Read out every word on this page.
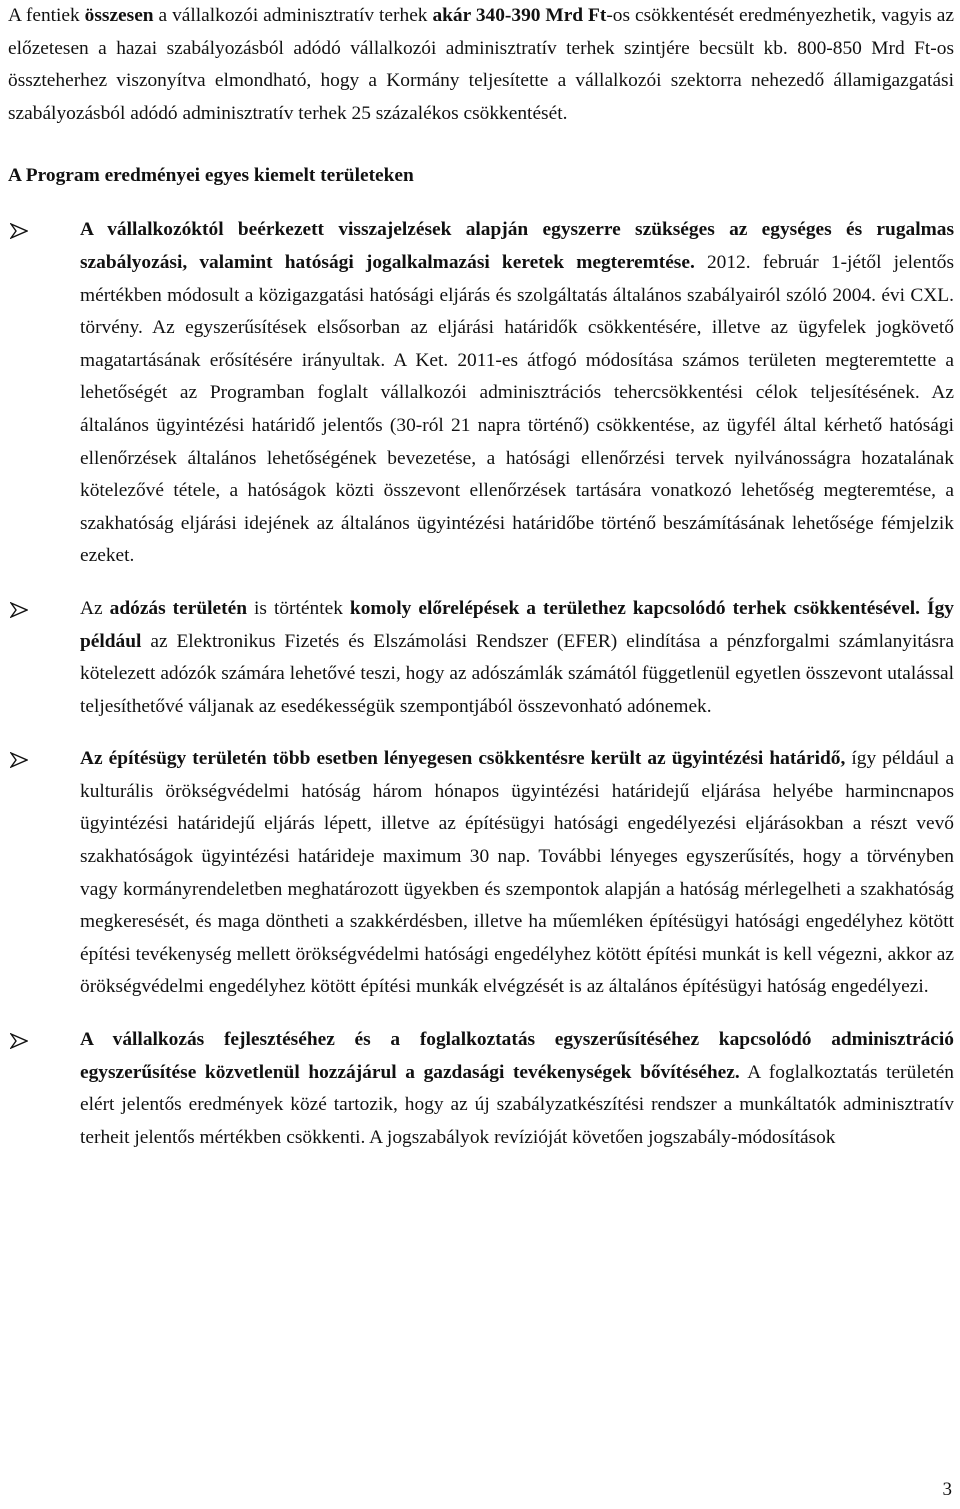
A fentiek összesen a vállalkozói adminisztratív terhek akár 340-390 Mrd Ft-os csökkentését eredményezhetik, vagyis az előzetesen a hazai szabályozásból adódó vállalkozói adminisztratív terhek szintjére becsült kb. 800-850 Mrd Ft-os összteherhez viszonyítva elmondható, hogy a Kormány teljesítette a vállalkozói szektorra nehezedő államigazgatási szabályozásból adódó adminisztratív terhek 25 százalékos csökkentését.

A Program eredményei egyes kiemelt területeken

A vállalkozóktól beérkezett visszajelzések alapján egyszerre szükséges az egységes és rugalmas szabályozási, valamint hatósági jogalkalmazási keretek megteremtése. 2012. február 1-jétől jelentős mértékben módosult a közigazgatási hatósági eljárás és szolgáltatás általános szabályairól szóló 2004. évi CXL. törvény. Az egyszerűsítések elsősorban az eljárási határidők csökkentésére, illetve az ügyfelek jogkövető magatartásának erősítésére irányultak. A Ket. 2011-es átfogó módosítása számos területen megteremtette a lehetőségét az Programban foglalt vállalkozói adminisztrációs tehercsökkentési célok teljesítésének. Az általános ügyintézési határidő jelentős (30-ról 21 napra történő) csökkentése, az ügyfél által kérhető hatósági ellenőrzések általános lehetőségének bevezetése, a hatósági ellenőrzési tervek nyilvánosságra hozatalának kötelezővé tétele, a hatóságok közti összevont ellenőrzések tartására vonatkozó lehetőség megteremtése, a szakhatóság eljárási idejének az általános ügyintézési határidőbe történő beszámításának lehetősége fémjelzik ezeket.

Az adózás területén is történtek komoly előrelépések a területhez kapcsolódó terhek csökkentésével. Így például az Elektronikus Fizetés és Elszámolási Rendszer (EFER) elindítása a pénzforgalmi számlanyitásra kötelezett adózók számára lehetővé teszi, hogy az adószámlák számától függetlenül egyetlen összevont utalással teljesíthetővé váljanak az esedékességük szempontjából összevonható adónemek.

Az építésügy területén több esetben lényegesen csökkentésre került az ügyintézési határidő, így például a kulturális örökségvédelmi hatóság három hónapos ügyintézési határidejű eljárása helyébe harmincnapos ügyintézési határidejű eljárás lépett, illetve az építésügyi hatósági engedélyezési eljárásokban a részt vevő szakhatóságok ügyintézési határideje maximum 30 nap. További lényeges egyszerűsítés, hogy a törvényben vagy kormányrendeletben meghatározott ügyekben és szempontok alapján a hatóság mérlegelheti a szakhatóság megkeresését, és maga döntheti a szakkérdésben, illetve ha műemléken építésügyi hatósági engedélyhez kötött építési tevékenység mellett örökségvédelmi hatósági engedélyhez kötött építési munkát is kell végezni, akkor az örökségvédelmi engedélyhez kötött építési munkák elvégzését is az általános építésügyi hatóság engedélyezi.

A vállalkozás fejlesztéséhez és a foglalkoztatás egyszerűsítéséhez kapcsolódó adminisztráció egyszerűsítése közvetlenül hozzájárul a gazdasági tevékenységek bővítéséhez. A foglalkoztatás területén elért jelentős eredmények közé tartozik, hogy az új szabályzatkészítési rendszer a munkáltatók adminisztratív terheit jelentős mértékben csökkenti. A jogszabályok revízióját követően jogszabály-módosítások

3
